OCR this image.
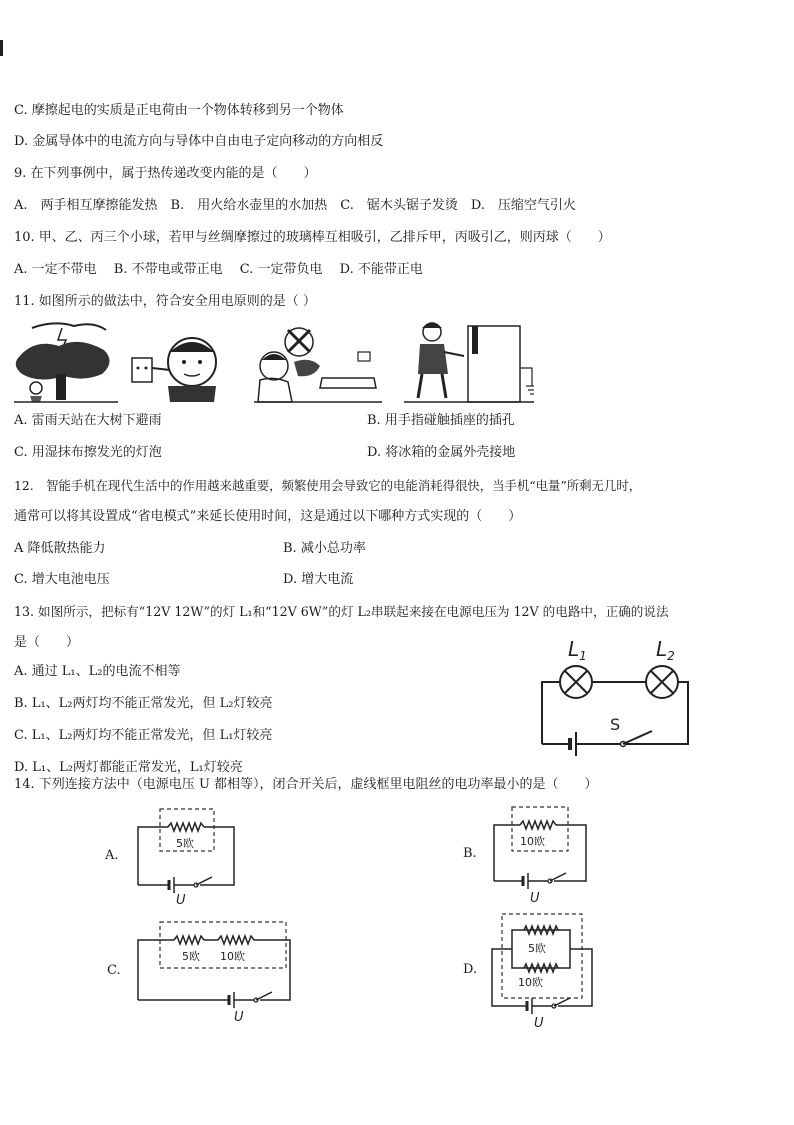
C. 摩擦起电的实质是正电荷由一个物体转移到另一个物体
D. 金属导体中的电流方向与导体中自由电子定向移动的方向相反
9. 在下列事例中，属于热传递改变内能的是（　　）
A.　两手相互摩擦能发热　B.　用火给水壶里的水加热　C.　锯木头锯子发烫　D.　压缩空气引火
10. 甲、乙、丙三个小球，若甲与丝绸摩擦过的玻璃棒互相吸引，乙排斥甲，丙吸引乙，则丙球（　　）
A. 一定不带电　 B. 不带电或带正电　 C. 一定带负电　 D. 不能带正电
11. 如图所示的做法中，符合安全用电原则的是（ ）
A. 雷雨天站在大树下避雨	B. 用手指碰触插座的插孔
C. 用湿抹布擦发光的灯泡	D. 将冰箱的金属外壳接地
12.　智能手机在现代生活中的作用越来越重要，频繁使用会导致它的电能消耗得很快，当手机“电量”所剩无几时，
通常可以将其设置成“省电模式”来延长使用时间，这是通过以下哪种方式实现的（　　）
A 降低散热能力	B. 减小总功率
C. 增大电池电压	D. 增大电流
13. 如图所示，把标有“12V 12W”的灯 L₁和“12V 6W”的灯 L₂串联起来接在电源电压为 12V 的电路中，正确的说法
是（　　）
A. 通过 L₁、L₂的电流不相等
B. L₁、L₂两灯均不能正常发光，但 L₂灯较亮
C. L₁、L₂两灯均不能正常发光，但 L₁灯较亮
D. L₁、L₂两灯都能正常发光，L₁灯较亮
$L_1$	$L_2$
S
14. 下列连接方法中（电源电压 U 都相等），闭合开关后，虚线框里电阻丝的电功率最小的是（　　）
A.
5欧
U
B.
10欧
U
C.
5欧 10欧
U
D.
5欧
10欧
U
